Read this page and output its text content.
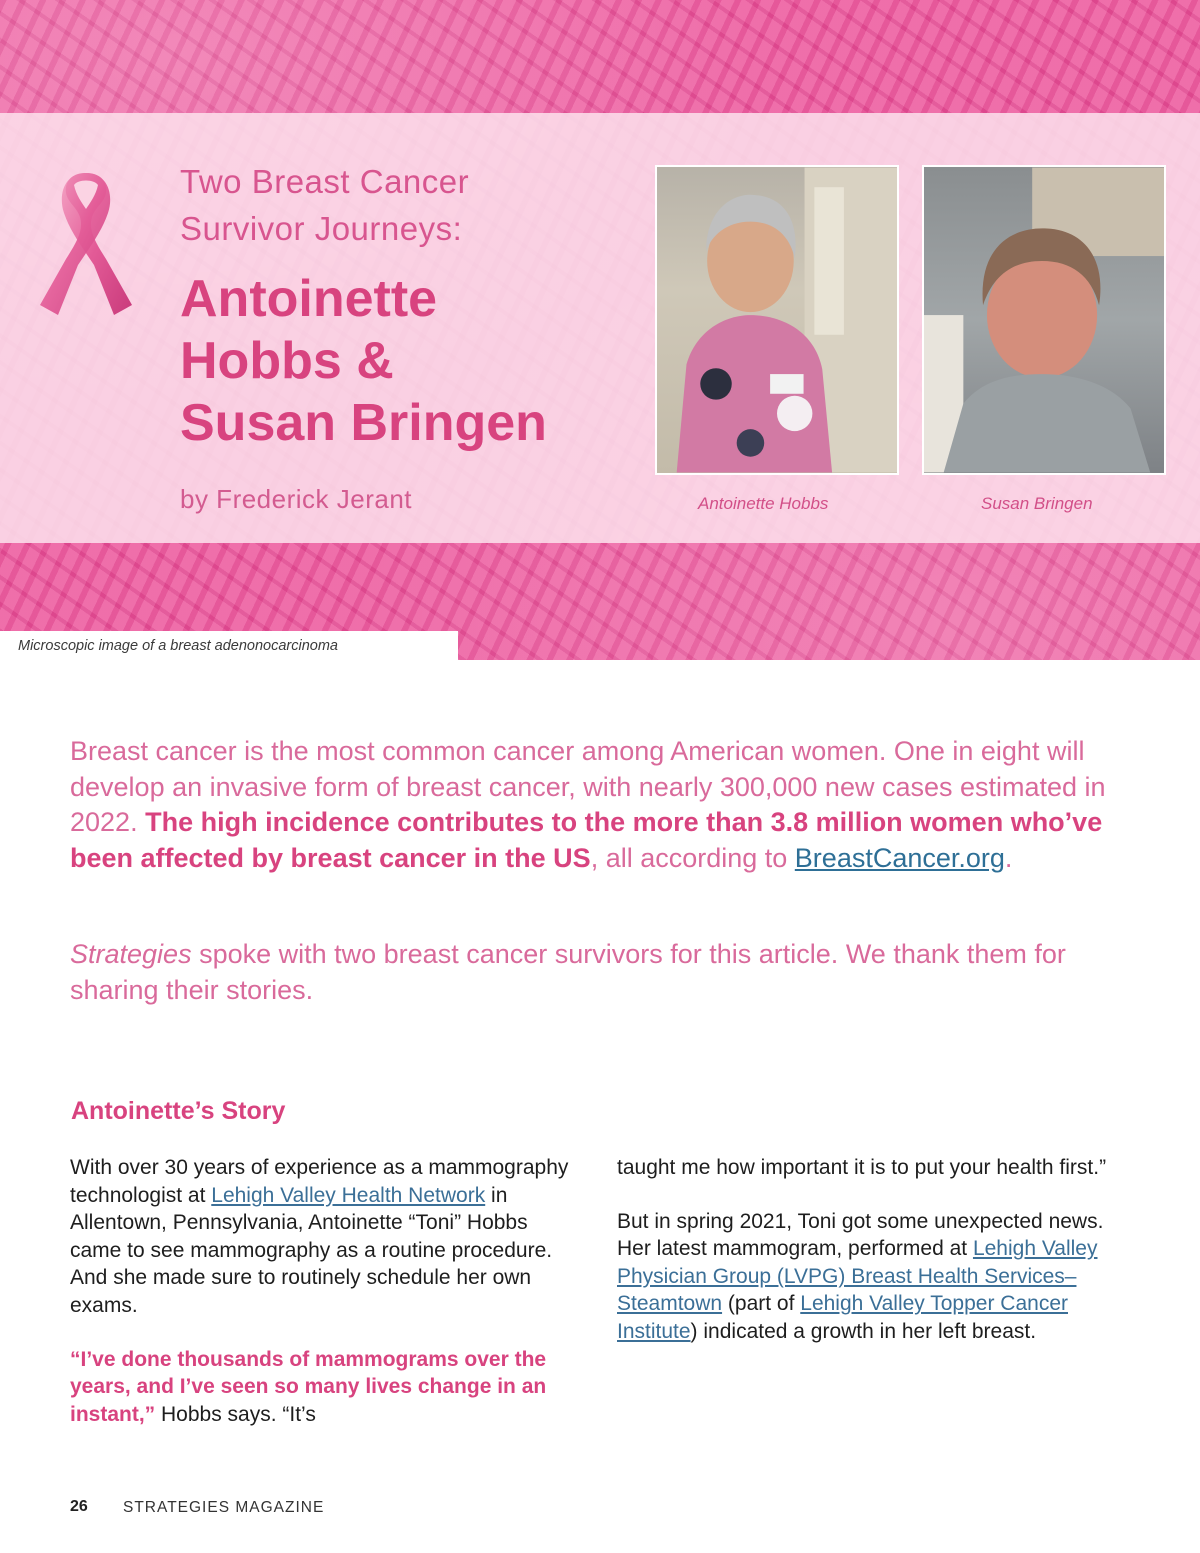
Two Breast Cancer
Survivor Journeys:
Antoinette
Hobbs &
Susan Bringen
by Frederick Jerant	Antoinette Hobbs	Susan Bringen
Microscopic image of a breast adenonocarcinoma

Breast cancer is the most common cancer among American women. One in eight will develop an invasive form of breast cancer, with nearly 300,000 new cases estimated in 2022. The high incidence contributes to the more than 3.8 million women who’ve been affected by breast cancer in the US, all according to BreastCancer.org.

Strategies spoke with two breast cancer survivors for this article. We thank them for sharing their stories.

Antoinette’s Story

With over 30 years of experience as a mammography technologist at Lehigh Valley Health Network in Allentown, Pennsylvania, Antoinette “Toni” Hobbs came to see mammography as a routine procedure. And she made sure to routinely schedule her own exams.

“I’ve done thousands of mammograms over the years, and I’ve seen so many lives change in an instant,” Hobbs says. “It’s

taught me how important it is to put your health first.”

But in spring 2021, Toni got some unexpected news. Her latest mammogram, performed at Lehigh Valley Physician Group (LVPG) Breast Health Services–Steamtown (part of Lehigh Valley Topper Cancer Institute) indicated a growth in her left breast.

26 STRATEGIES MAGAZINE
